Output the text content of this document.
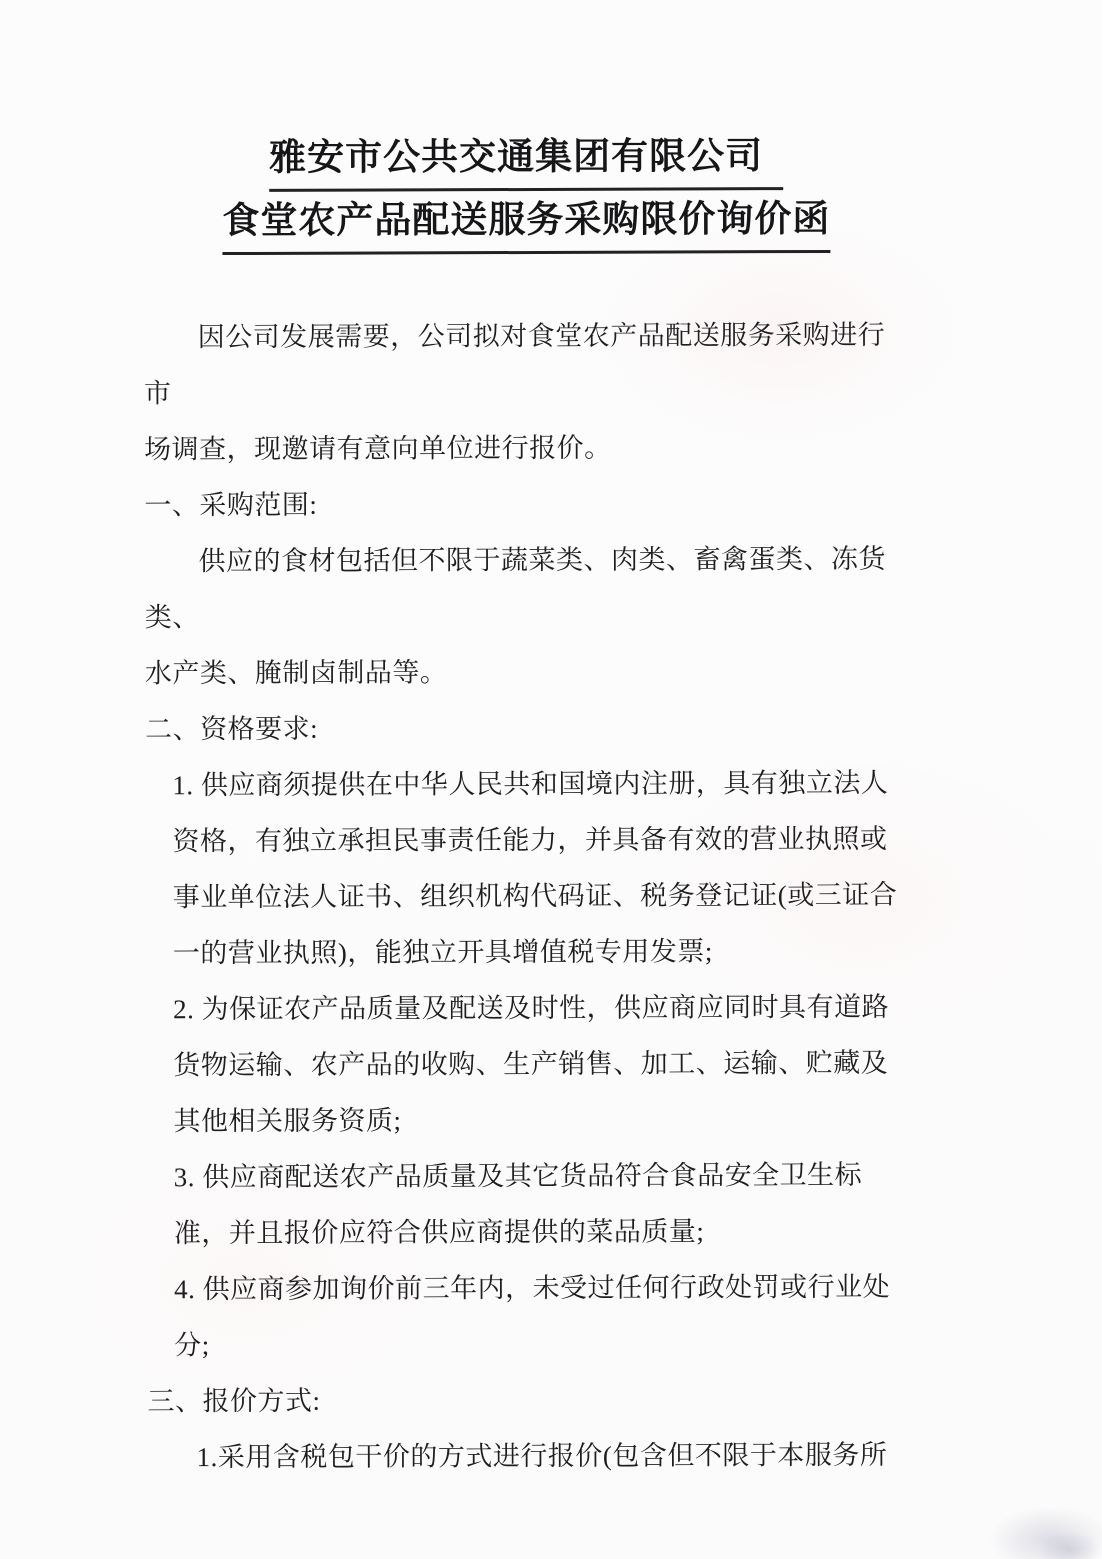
雅安市公共交通集团有限公司
食堂农产品配送服务采购限价询价函

因公司发展需要，公司拟对食堂农产品配送服务采购进行市
场调查，现邀请有意向单位进行报价。

一、采购范围:

供应的食材包括但不限于蔬菜类、肉类、畜禽蛋类、冻货类、
水产类、腌制卤制品等。

二、资格要求:

1. 供应商须提供在中华人民共和国境内注册，具有独立法人
资格，有独立承担民事责任能力，并具备有效的营业执照或
事业单位法人证书、组织机构代码证、税务登记证(或三证合
一的营业执照)，能独立开具增值税专用发票;

2. 为保证农产品质量及配送及时性，供应商应同时具有道路
货物运输、农产品的收购、生产销售、加工、运输、贮藏及
其他相关服务资质;

3. 供应商配送农产品质量及其它货品符合食品安全卫生标
准，并且报价应符合供应商提供的菜品质量;

4. 供应商参加询价前三年内，未受过任何行政处罚或行业处
分;

三、报价方式:

1.采用含税包干价的方式进行报价(包含但不限于本服务所
